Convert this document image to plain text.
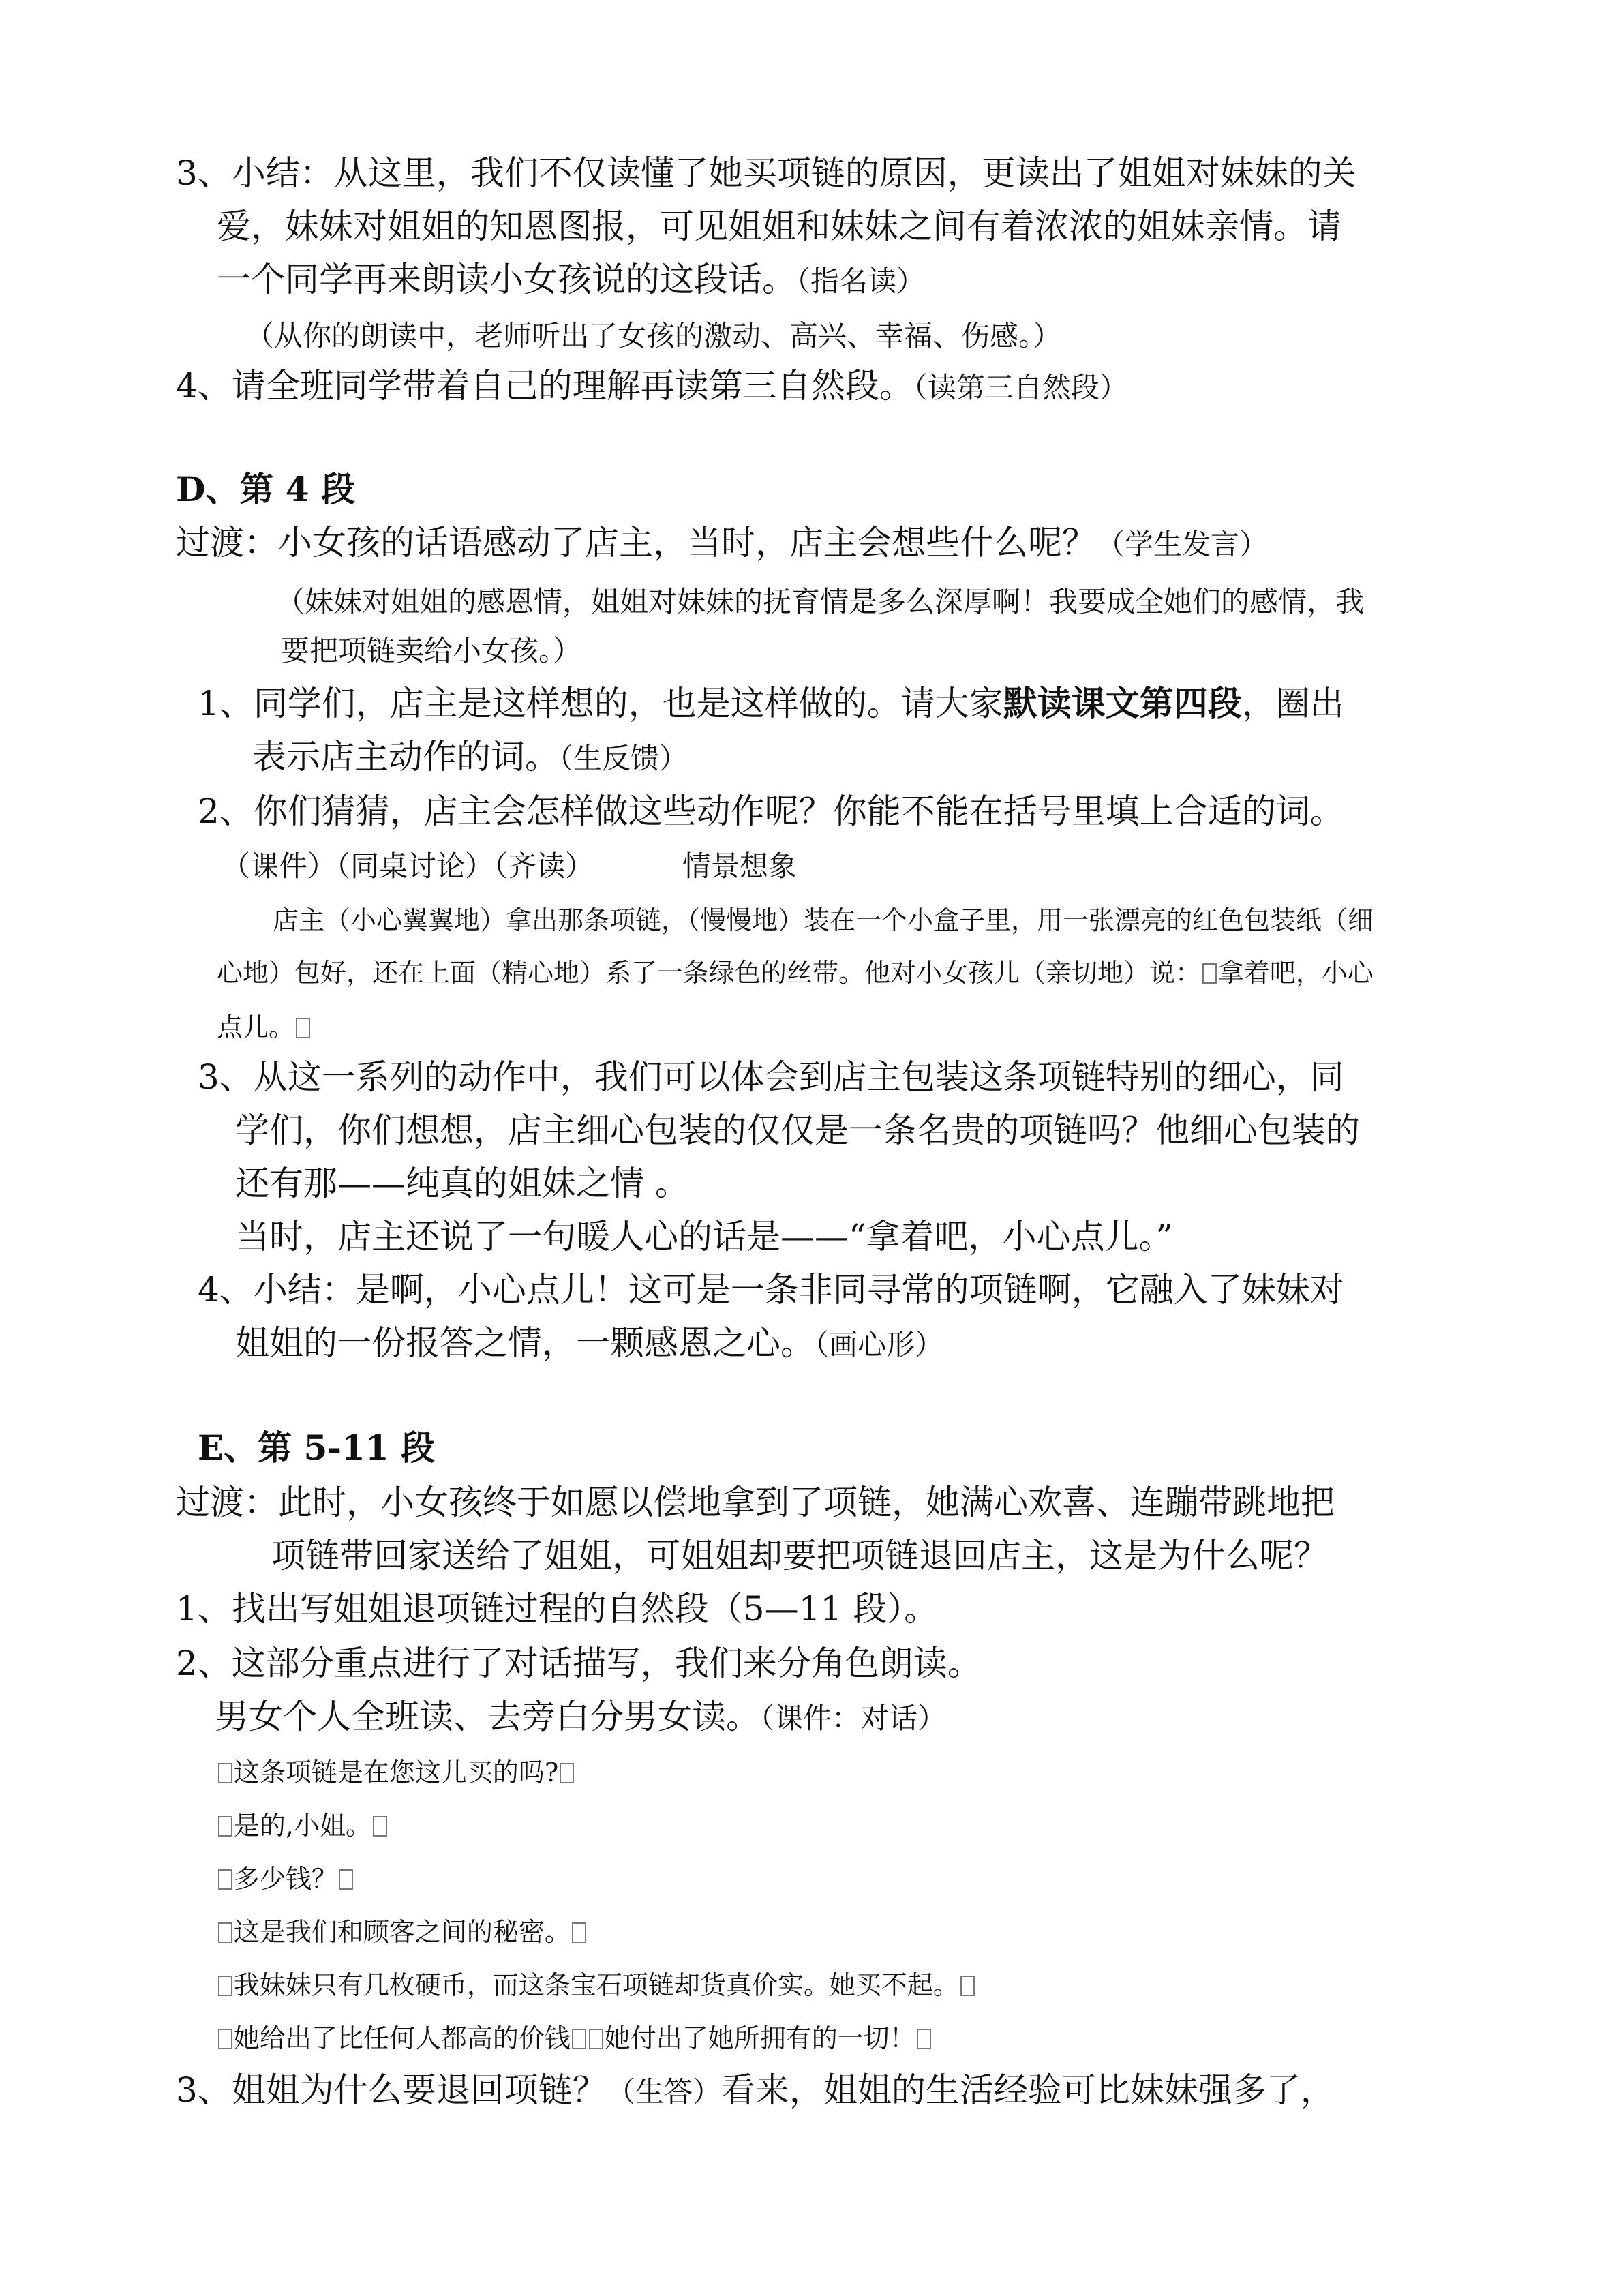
3、小结：从这里，我们不仅读懂了她买项链的原因，更读出了姐姐对妹妹的关
爱，妹妹对姐姐的知恩图报，可见姐姐和妹妹之间有着浓浓的姐妹亲情。请
一个同学再来朗读小女孩说的这段话。（指名读）
（从你的朗读中，老师听出了女孩的激动、高兴、幸福、伤感。）
4、请全班同学带着自己的理解再读第三自然段。（读第三自然段）
D、第 4 段
过渡：小女孩的话语感动了店主，当时，店主会想些什么呢？（学生发言）
（妹妹对姐姐的感恩情，姐姐对妹妹的抚育情是多么深厚啊！我要成全她们的感情，我
要把项链卖给小女孩。）
1、同学们，店主是这样想的，也是这样做的。请大家默读课文第四段，圈出
表示店主动作的词。（生反馈）
2、你们猜猜，店主会怎样做这些动作呢？你能不能在括号里填上合适的词。
（课件）（同桌讨论）（齐读）	情景想象
店主（小心翼翼地）拿出那条项链，（慢慢地）装在一个小盒子里，用一张漂亮的红色包装纸（细
心地）包好，还在上面（精心地）系了一条绿色的丝带。他对小女孩儿（亲切地）说： 拿着吧，小心
点儿。
3、从这一系列的动作中，我们可以体会到店主包装这条项链特别的细心，同
学们，你们想想，店主细心包装的仅仅是一条名贵的项链吗？他细心包装的
还有那——纯真的姐妹之情 。
当时，店主还说了一句暖人心的话是——“拿着吧，小心点儿。”
4、小结：是啊，小心点儿！这可是一条非同寻常的项链啊，它融入了妹妹对
姐姐的一份报答之情，一颗感恩之心。（画心形）
E、第 5-11 段
过渡：此时，小女孩终于如愿以偿地拿到了项链，她满心欢喜、连蹦带跳地把
项链带回家送给了姐姐，可姐姐却要把项链退回店主，这是为什么呢？
1、找出写姐姐退项链过程的自然段（5—11 段）。
2、这部分重点进行了对话描写，我们来分角色朗读。
男女个人全班读、去旁白分男女读。（课件：对话）
这条项链是在您这儿买的吗?
是的,小姐。
多少钱？
这是我们和顾客之间的秘密。
我妹妹只有几枚硬币，而这条宝石项链却货真价实。她买不起。
她给出了比任何人都高的价钱 她付出了她所拥有的一切！
3、姐姐为什么要退回项链？（生答）看来，姐姐的生活经验可比妹妹强多了，
